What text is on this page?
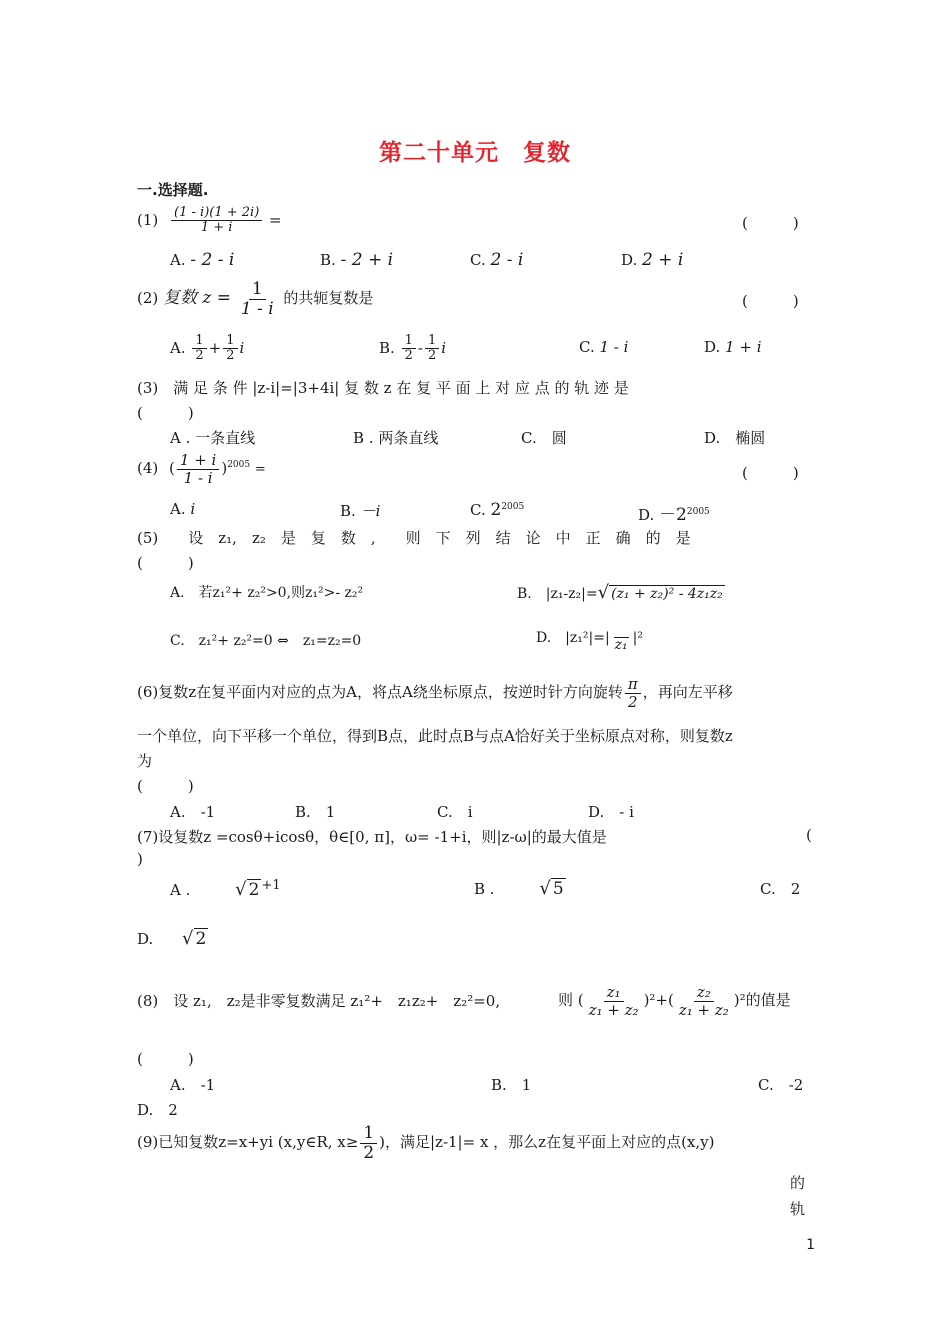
第二十单元　复数
一.选择题.
$(1) \frac{(1 - i)(1 + 2i)}{1 + i}$ =	(　　　)
A. - 2 - i	B. - 2 + i	C. 2 - i	D. 2 + i
(2) 复数 $z = \frac{1}{1 - i}$ 的共轭复数是	(　　　)
A. $\frac{1}{2} + \frac{1}{2}$ i	B. $\frac{1}{2} - \frac{1}{2}$ i	C. 1 - i	D. 1 + i
(3)　 满 足 条 件 |z-i|=|3+4i| 复 数 z 在 复 平 面 上 对 应 点 的 轨 迹 是
(　　　)
A . 一条直线	B . 两条直线	C.　圆	D.　椭圆
(4) ( $\frac{1 + i}{1 - i} )^{2005}$ =	(　　　)
A. i	B. －i	C. $2^{2005}$	D. $-2^{2005}$
(5)　　 设　z₁,　z₂　是　复　数　,　　则　下　列　结　论　中　正　确　的　是
(　　　)
A.　若z₁²+ z₂²>0,则z₁²>- z₂²	B.　|z₁-z₂|=√ (z₁ + z₂)² - 4z₁z₂
C.　z₁²+ z₂²=0 ⇔　z₁=z₂=0	D.　|z₁²|=|
z₁ |²
(6)复数z在复平面内对应的点为A，将点A绕坐标原点，按逆时针方向旋转 $\frac{\pi}{2}$ ，再向左平移
一个单位，向下平移一个单位，得到B点，此时点B与点A恰好关于坐标原点对称，则复数z
为
(　　　)
A.　-1	B.　1	C.　i	D.　- i
(7)设复数z =cosθ+icosθ，θ∈[0, π]，ω= -1+i，则|z-ω|的最大值是	(
)
A . √ 2 +1	B . √ 5	C.　 2
D. √ 2
(8)　 设 z₁,　z₂是非零复数满足 z₁²+　z₁z₂+　z₂²=0,	则 ( $\frac{\text{z₁}}{\text{z₁ + z₂}} )^2+( \frac{\text{z₂}}{\text{z₁ + z₂}} )^2$的值是
(　　　)
A.　-1	B.　1	C.　-2
D.　2
(9)已知复数z=x+yi (x,y∈R, $x\ge \frac{1}{2}$ )，满足|z-1|= x ，那么z在复平面上对应的点(x,y)
的
轨
1
